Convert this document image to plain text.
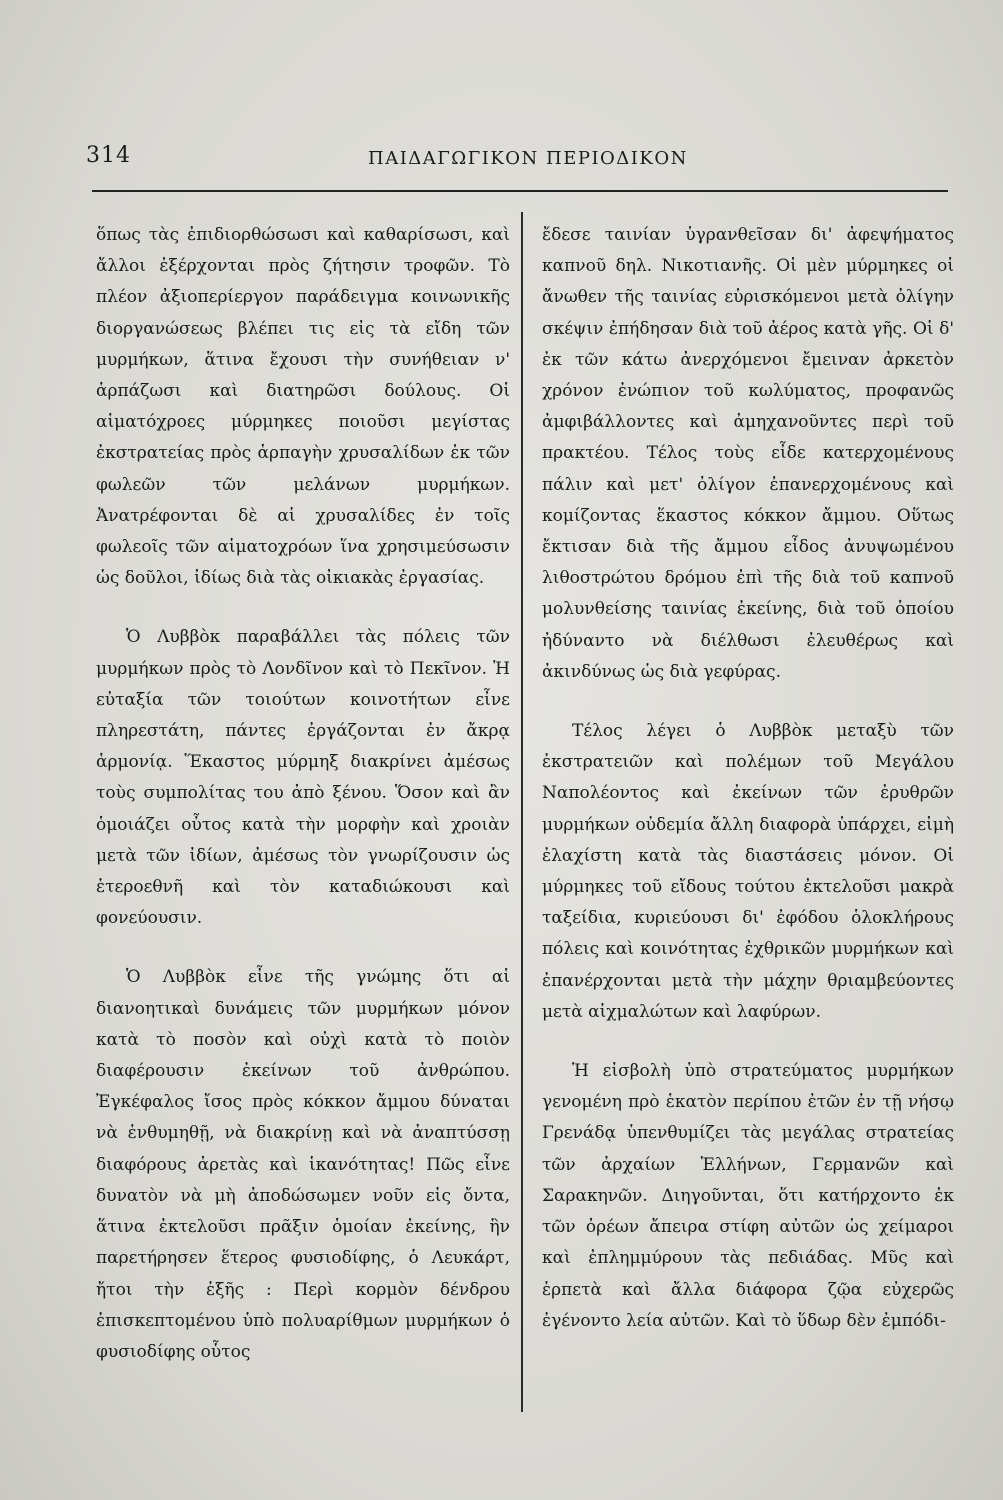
314	ΠΑΙΔΑΓΩΓΙΚΟΝ ΠΕΡΙΟΔΙΚΟΝ

ὅπως τὰς ἐπιδιορθώσωσι καὶ καθαρίσωσι, καὶ ἄλλοι ἐξέρχονται πρὸς ζήτησιν τροφῶν. Τὸ πλέον ἀξιοπερίεργον παράδειγμα κοινωνικῆς διοργανώσεως βλέπει τις εἰς τὰ εἴδη τῶν μυρμήκων, ἅτινα ἔχουσι τὴν συνήθειαν ν' ἁρπάζωσι καὶ διατηρῶσι δούλους. Οἱ αἱματόχροες μύρμηκες ποιοῦσι μεγίστας ἐκστρατείας πρὸς ἁρπαγὴν χρυσαλίδων ἐκ τῶν φωλεῶν τῶν μελάνων μυρμήκων. Ἀνατρέφονται δὲ αἱ χρυσαλίδες ἐν τοῖς φωλεοῖς τῶν αἱματοχρόων ἵνα χρησιμεύσωσιν ὡς δοῦλοι, ἰδίως διὰ τὰς οἰκιακὰς ἐργασίας.

Ὁ Λυββὸκ παραβάλλει τὰς πόλεις τῶν μυρμήκων πρὸς τὸ Λονδῖνον καὶ τὸ Πεκῖνον. Ἡ εὐταξία τῶν τοιούτων κοινοτήτων εἶνε πληρεστάτη, πάντες ἐργάζονται ἐν ἄκρᾳ ἁρμονίᾳ. Ἕκαστος μύρμηξ διακρίνει ἀμέσως τοὺς συμπολίτας του ἀπὸ ξένου. Ὅσον καὶ ἂν ὁμοιάζει οὗτος κατὰ τὴν μορφὴν καὶ χροιὰν μετὰ τῶν ἰδίων, ἀμέσως τὸν γνωρίζουσιν ὡς ἑτεροεθνῆ καὶ τὸν καταδιώκουσι καὶ φονεύουσιν.

Ὁ Λυββὸκ εἶνε τῆς γνώμης ὅτι αἱ διανοητικαὶ δυνάμεις τῶν μυρμήκων μόνον κατὰ τὸ ποσὸν καὶ οὐχὶ κατὰ τὸ ποιὸν διαφέρουσιν ἐκείνων τοῦ ἀνθρώπου. Ἐγκέφαλος ἴσος πρὸς κόκκον ἄμμου δύναται νὰ ἐνθυμηθῇ, νὰ διακρίνῃ καὶ νὰ ἀναπτύσσῃ διαφόρους ἀρετὰς καὶ ἱκανότητας! Πῶς εἶνε δυνατὸν νὰ μὴ ἀποδώσωμεν νοῦν εἰς ὄντα, ἅτινα ἐκτελοῦσι πρᾶξιν ὁμοίαν ἐκείνης, ἣν παρετήρησεν ἕτερος φυσιοδίφης, ὁ Λευκάρτ, ἤτοι τὴν ἑξῆς : Περὶ κορμὸν δένδρου ἐπισκεπτομένου ὑπὸ πολυαρίθμων μυρμήκων ὁ φυσιοδίφης οὗτος

ἔδεσε ταινίαν ὑγρανθεῖσαν δι' ἀφεψήματος καπνοῦ δηλ. Νικοτιανῆς. Οἱ μὲν μύρμηκες οἱ ἄνωθεν τῆς ταινίας εὑρισκόμενοι μετὰ ὀλίγην σκέψιν ἐπήδησαν διὰ τοῦ ἀέρος κατὰ γῆς. Οἱ δ' ἐκ τῶν κάτω ἀνερχόμενοι ἔμειναν ἀρκετὸν χρόνον ἐνώπιον τοῦ κωλύματος, προφανῶς ἀμφιβάλλοντες καὶ ἀμηχανοῦντες περὶ τοῦ πρακτέου. Τέλος τοὺς εἶδε κατερχομένους πάλιν καὶ μετ' ὀλίγον ἐπανερχομένους καὶ κομίζοντας ἕκαστος κόκκον ἄμμου. Οὕτως ἔκτισαν διὰ τῆς ἄμμου εἶδος ἀνυψωμένου λιθοστρώτου δρόμου ἐπὶ τῆς διὰ τοῦ καπνοῦ μολυνθείσης ταινίας ἐκείνης, διὰ τοῦ ὁποίου ἠδύναντο νὰ διέλθωσι ἐλευθέρως καὶ ἀκινδύνως ὡς διὰ γεφύρας.

Τέλος λέγει ὁ Λυββὸκ μεταξὺ τῶν ἐκστρατειῶν καὶ πολέμων τοῦ Μεγάλου Ναπολέοντος καὶ ἐκείνων τῶν ἐρυθρῶν μυρμήκων οὐδεμία ἄλλη διαφορὰ ὑπάρχει, εἰμὴ ἐλαχίστη κατὰ τὰς διαστάσεις μόνον. Οἱ μύρμηκες τοῦ εἴδους τούτου ἐκτελοῦσι μακρὰ ταξείδια, κυριεύουσι δι' ἐφόδου ὁλοκλήρους πόλεις καὶ κοινότητας ἐχθρικῶν μυρμήκων καὶ ἐπανέρχονται μετὰ τὴν μάχην θριαμβεύοντες μετὰ αἰχμαλώτων καὶ λαφύρων.

Ἡ εἰσβολὴ ὑπὸ στρατεύματος μυρμήκων γενομένη πρὸ ἑκατὸν περίπου ἐτῶν ἐν τῇ νήσῳ Γρενάδᾳ ὑπενθυμίζει τὰς μεγάλας στρατείας τῶν ἀρχαίων Ἑλλήνων, Γερμανῶν καὶ Σαρακηνῶν. Διηγοῦνται, ὅτι κατήρχοντο ἐκ τῶν ὀρέων ἄπειρα στίφη αὐτῶν ὡς χείμαροι καὶ ἐπλημμύρουν τὰς πεδιάδας. Μῦς καὶ ἑρπετὰ καὶ ἄλλα διάφορα ζῷα εὐχερῶς ἐγένοντο λεία αὐτῶν. Καὶ τὸ ὕδωρ δὲν ἐμπόδι-
